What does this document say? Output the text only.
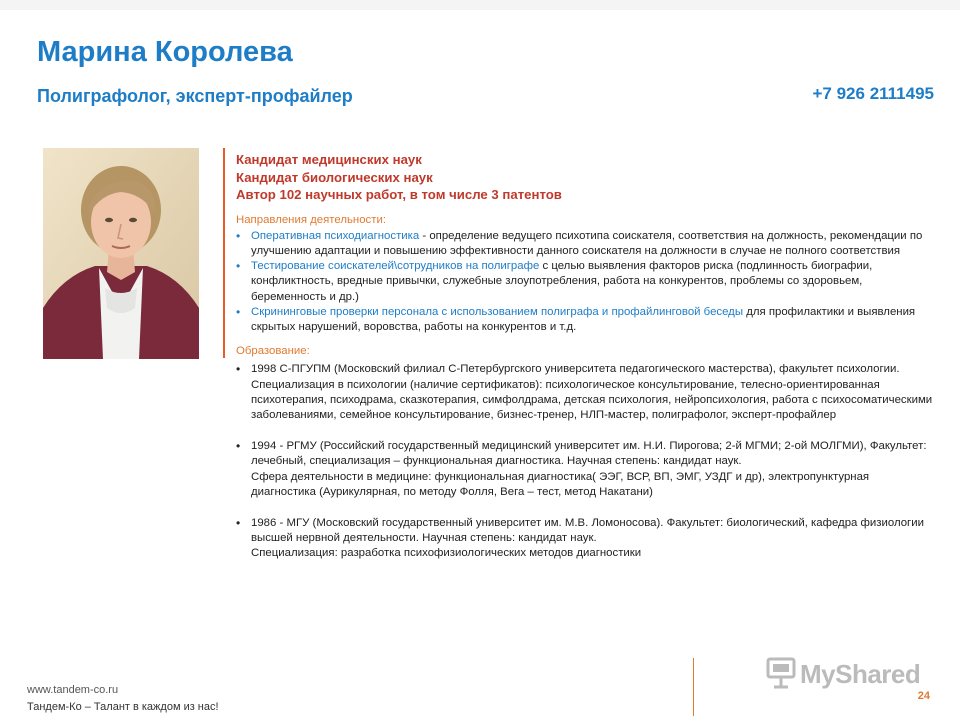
Марина Королева
Полиграфолог, эксперт-профайлер	+7 926 2111495
Кандидат медицинских наук
Кандидат биологических наук
Автор 102 научных работ, в том числе 3 патентов
Направления деятельности:
• Оперативная психодиагностика - определение ведущего психотипа соискателя, соответствия на должность, рекомендации по улучшению адаптации и повышению эффективности данного соискателя на должности в случае не полного соответствия
• Тестирование соискателей\сотрудников на полиграфе с целью выявления факторов риска (подлинность биографии, конфликтность, вредные привычки, служебные злоупотребления, работа на конкурентов, проблемы со здоровьем, беременность и др.)
• Скрининговые проверки персонала с использованием полиграфа и профайлинговой беседы для профилактики и выявления скрытых нарушений, воровства, работы на конкурентов и т.д.
Образование:
• 1998 С-ПГУПМ (Московский филиал С-Петербургского университета педагогического мастерства), факультет психологии.
Специализация в психологии (наличие сертификатов): психологическое консультирование, телесно-ориентированная психотерапия, психодрама, сказкотерапия, симфолдрама, детская психология, нейропсихология, работа с психосоматическими заболеваниями, семейное консультирование, бизнес-тренер, НЛП-мастер, полиграфолог, эксперт-профайлер
• 1994 - РГМУ (Российский государственный медицинский университет им. Н.И. Пирогова; 2-й МГМИ; 2-ой МОЛГМИ), Факультет: лечебный, специализация – функциональная диагностика. Научная степень: кандидат наук.
Сфера деятельности в медицине: функциональная диагностика( ЭЭГ, ВСР, ВП, ЭМГ, УЗДГ и др), электропунктурная диагностика (Аурикулярная, по методу Фолля, Вега – тест, метод Накатани)
• 1986 - МГУ (Московский государственный университет им. М.В. Ломоносова). Факультет: биологический, кафедра физиологии высшей нервной деятельности. Научная степень: кандидат наук.
Специализация: разработка психофизиологических методов диагностики
www.tandem-co.ru
Тандем-Ко – Талант в каждом из нас!
24
MyShared
